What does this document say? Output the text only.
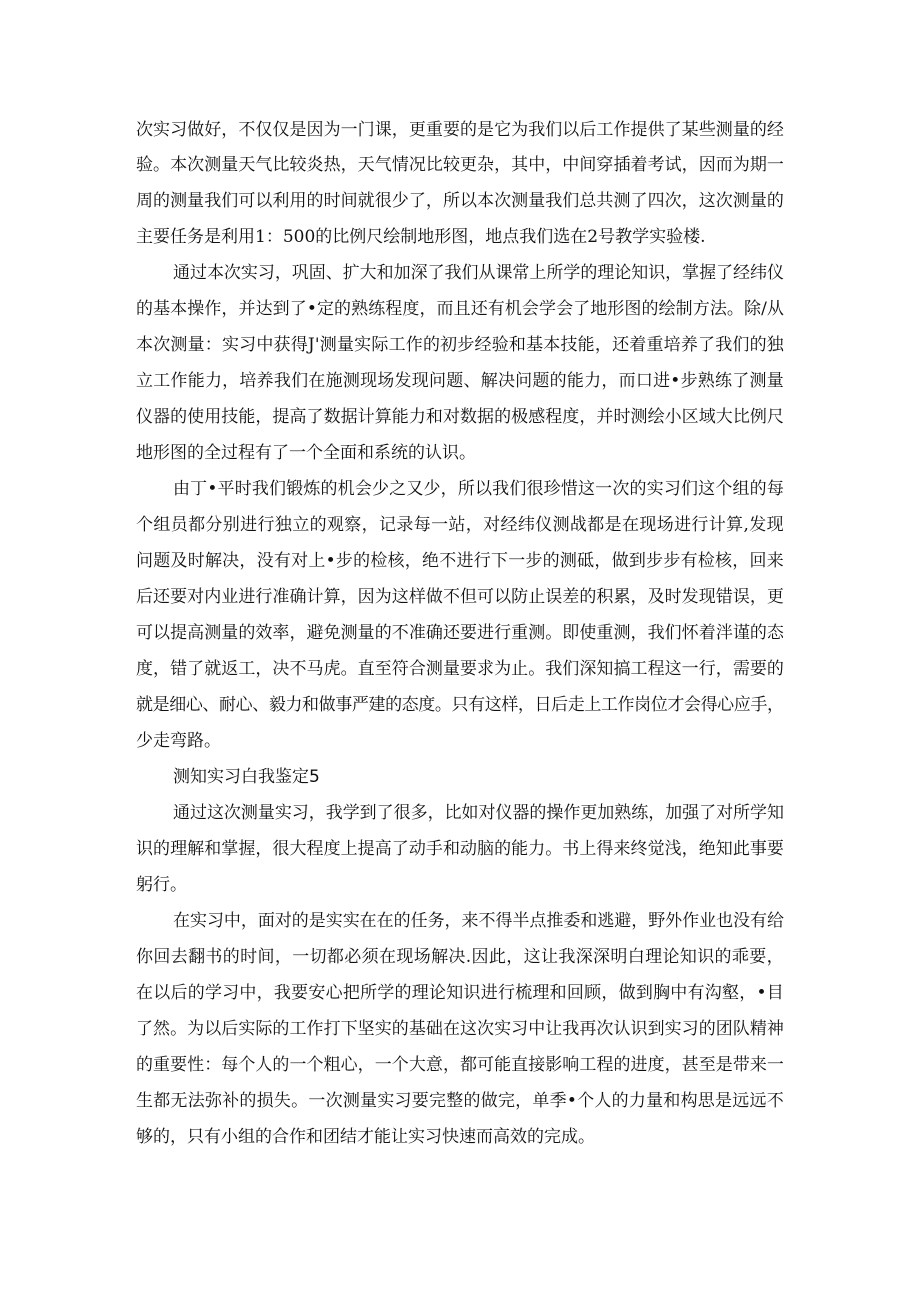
次实习做好，不仅仅是因为一门课，更重要的是它为我们以后工作提供了某些测量的经
验。本次测量天气比较炎热，天气情况比较更杂，其中，中间穿插着考试，因而为期一
周的测量我们可以利用的时间就很少了，所以本次测量我们总共测了四次，这次测量的
主要任务是利用1：500的比例尺绘制地形图，地点我们选在2号教学实验楼.
通过本次实习，巩固、扩大和加深了我们从课常上所学的理论知识，掌握了经纬仪
的基本操作，并达到了•定的熟练程度，而且还有机会学会了地形图的绘制方法。除/从
本次测量：实习中获得J'测量实际工作的初步经验和基本技能，还着重培养了我们的独
立工作能力，培养我们在施测现场发现问题、解决问题的能力，而口进•步熟练了测量
仪器的使用技能，提高了数据计算能力和对数据的极感程度，并时测绘小区域大比例尺
地形图的全过程有了一个全面和系统的认识。
由丁•平时我们锻炼的机会少之又少，所以我们很珍惜这一次的实习们这个组的每
个组员都分别进行独立的观察，记录每一站，对经纬仪测战都是在现场进行计算,发现
问题及时解决，没有对上•步的检核，绝不进行下一步的测砥，做到步步有检核，回来
后还要对内业进行准确计算，因为这样做不但可以防止误差的积累，及时发现错误，更
可以提高测量的效率，避免测量的不准确还要进行重测。即使重测，我们怀着泮谨的态
度，错了就返工，决不马虎。直至符合测量要求为止。我们深知搞工程这一行，需要的
就是细心、耐心、毅力和做事严建的态度。只有这样，日后走上工作岗位才会得心应手，
少走弯路。
测知实习白我鉴定5
通过这次测量实习，我学到了很多，比如对仪器的操作更加熟练，加强了对所学知
识的理解和掌握，很大程度上提高了动手和动脑的能力。书上得来终觉浅，绝知此事要
躬行。
在实习中，面对的是实实在在的任务，来不得半点推委和逃避，野外作业也没有给
你回去翻书的时间，一切都必须在现场解决.因此，这让我深深明白理论知识的乖要，
在以后的学习中，我要安心把所学的理论知识进行梳理和回顾，做到胸中有沟壑，•目
了然。为以后实际的工作打下坚实的基础在这次实习中让我再次认识到实习的团队精神
的重要性：每个人的一个粗心，一个大意，都可能直接影响工程的进度，甚至是带来一
生都无法弥补的损失。一次测量实习要完整的做完，单季•个人的力量和构思是远远不
够的，只有小组的合作和团结才能让实习快速而高效的完成。
